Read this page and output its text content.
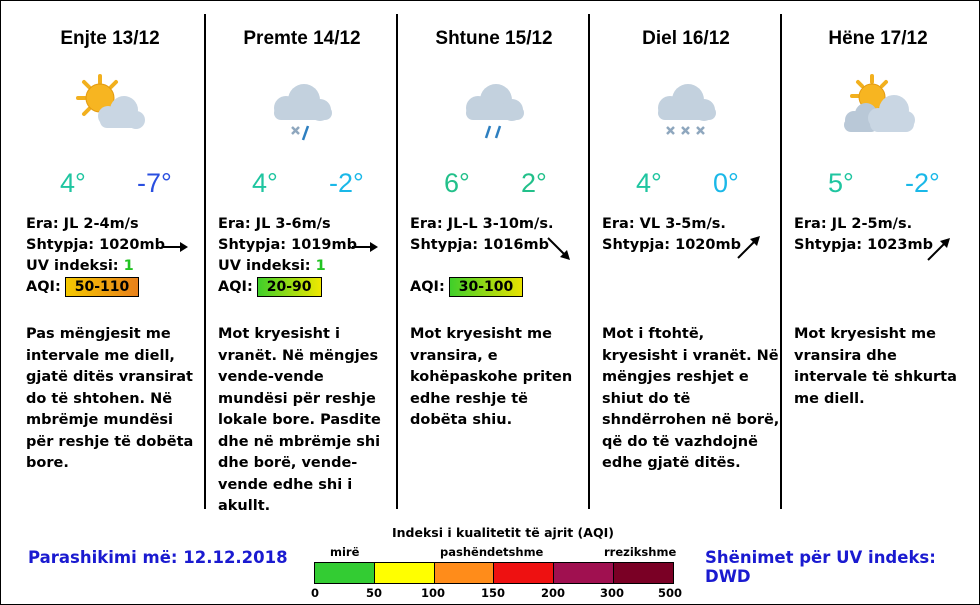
Enjte 13/12
4° -7°
Era: JL 2-4m/s
Shtypja: 1020mb
UV indeksi: 1
AQI: 50-110
Pas mëngjesit me intervale me diell, gjatë ditës vransirat do të shtohen. Në mbrëmje mundësi për reshje të dobëta bore.
Premte 14/12
4° -2°
Era: JL 3-6m/s
Shtypja: 1019mb
UV indeksi: 1
AQI: 20-90
Mot kryesisht i vranët. Në mëngjes vende-vende mundësi për reshje lokale bore. Pasdite dhe në mbrëmje shi dhe borë, vende-vende edhe shi i akullt.
Shtune 15/12
6° 2°
Era: JL-L 3-10m/s.
Shtypja: 1016mb
AQI: 30-100
Mot kryesisht me vransira, e kohëpaskohe priten edhe reshje të dobëta shiu.
Diel 16/12
4° 0°
Era: VL 3-5m/s.
Shtypja: 1020mb
Mot i ftohtë, kryesisht i vranët. Në mëngjes reshjet e shiut do të shndërrohen në borë, që do të vazhdojnë edhe gjatë ditës.
Hëne 17/12
5° -2°
Era: JL 2-5m/s.
Shtypja: 1023mb
Mot kryesisht me vransira dhe intervale të shkurta me diell.
Parashikimi më: 12.12.2018	Shënimet për UV indeks: DWD
Indeksi i kualitetit të ajrit (AQI)
mirë	pashëndetshme	rrezikshme
0	50	100	150	200	300	500
